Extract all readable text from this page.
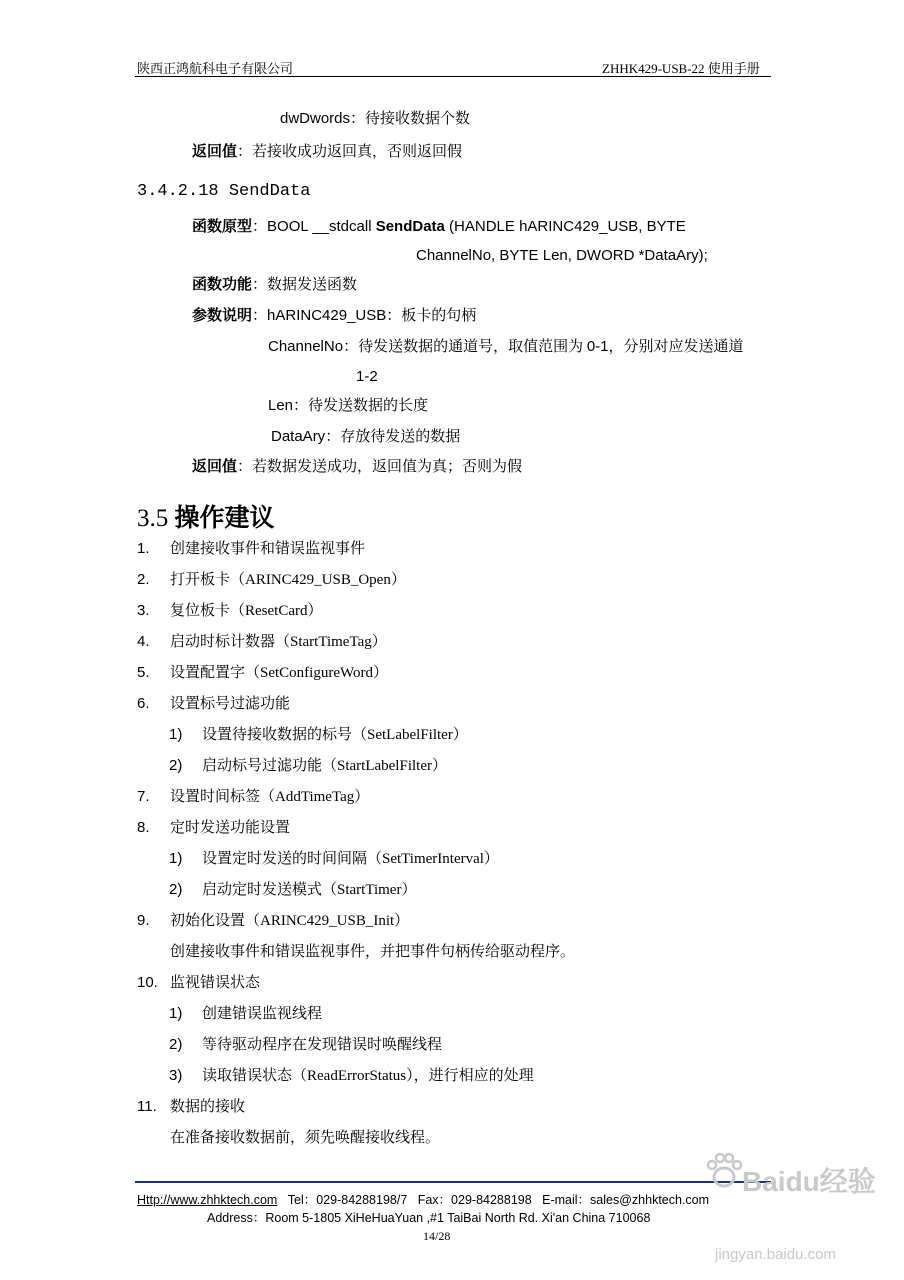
陕西正鸿航科电子有限公司	ZHHK429-USB-22 使用手册
dwDwords：待接收数据个数
返回值：若接收成功返回真，否则返回假
3.4.2.18 SendData
函数原型：BOOL __stdcall SendData (HANDLE hARINC429_USB, BYTE
ChannelNo, BYTE Len, DWORD *DataAry);
函数功能：数据发送函数
参数说明：hARINC429_USB：板卡的句柄
ChannelNo：待发送数据的通道号，取值范围为 0-1，分别对应发送通道
1-2
Len：待发送数据的长度
DataAry：存放待发送的数据
返回值：若数据发送成功，返回值为真；否则为假
3.5 操作建议
1. 创建接收事件和错误监视事件
2. 打开板卡（ARINC429_USB_Open）
3. 复位板卡（ResetCard）
4. 启动时标计数器（StartTimeTag）
5. 设置配置字（SetConfigureWord）
6. 设置标号过滤功能
1) 设置待接收数据的标号（SetLabelFilter）
2) 启动标号过滤功能（StartLabelFilter）
7. 设置时间标签（AddTimeTag）
8. 定时发送功能设置
1) 设置定时发送的时间间隔（SetTimerInterval）
2) 启动定时发送模式（StartTimer）
9. 初始化设置（ARINC429_USB_Init）
创建接收事件和错误监视事件，并把事件句柄传给驱动程序。
10. 监视错误状态
1) 创建错误监视线程
2) 等待驱动程序在发现错误时唤醒线程
3) 读取错误状态（ReadErrorStatus），进行相应的处理
11. 数据的接收
在准备接收数据前，须先唤醒接收线程。
Http://www.zhhktech.com Tel：029-84288198/7 Fax：029-84288198 E-mail：sales@zhhktech.com
Address：Room 5-1805 XiHeHuaYuan ,#1 TaiBai North Rd. Xi'an China 710068
14/28
Baidu经验
jingyan.baidu.com
